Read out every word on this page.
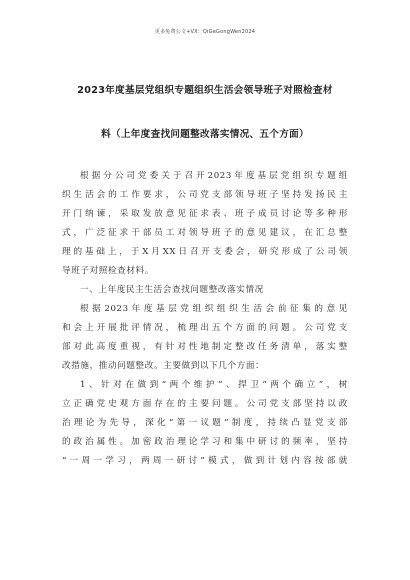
更多免费公文+VX：QiGeGongWen2024
2023年度基层党组织专题组织生活会领导班子对照检查材
料（上年度查找问题整改落实情况、五个方面）
根据分公司党委关于召开2023年度基层党组织专题组
织生活会的工作要求，公司党支部领导班子坚持发扬民主
开门纳谏，采取发放意见征求表、班子成员讨论等多种形
式，广泛征求干部员工对领导班子的意见建议，在汇总整
理的基础上，于X月XX日召开支委会，研究形成了公司领
导班子对照检查材料。
一、上年度民主生活会查找问题整改落实情况
根据2023年度基层党组织组织生活会前征集的意见
和会上开展批评情况，梳理出五个方面的问题。公司党支
部对此高度重视，有针对性地制定整改任务清单，落实整
改措施，推动问题整改。主要做到以下几个方面：
1、针对在做到“两个维护”、捍卫“两个确立”，树
立正确党史观方面存在的主要问题。公司党支部坚持以政
治理论为先导，深化“第一议题”制度，持续凸显党支部
的政治属性。加密政治理论学习和集中研讨的频率，坚持
“一周一学习，两周一研讨”模式，做到计划内容按部就
